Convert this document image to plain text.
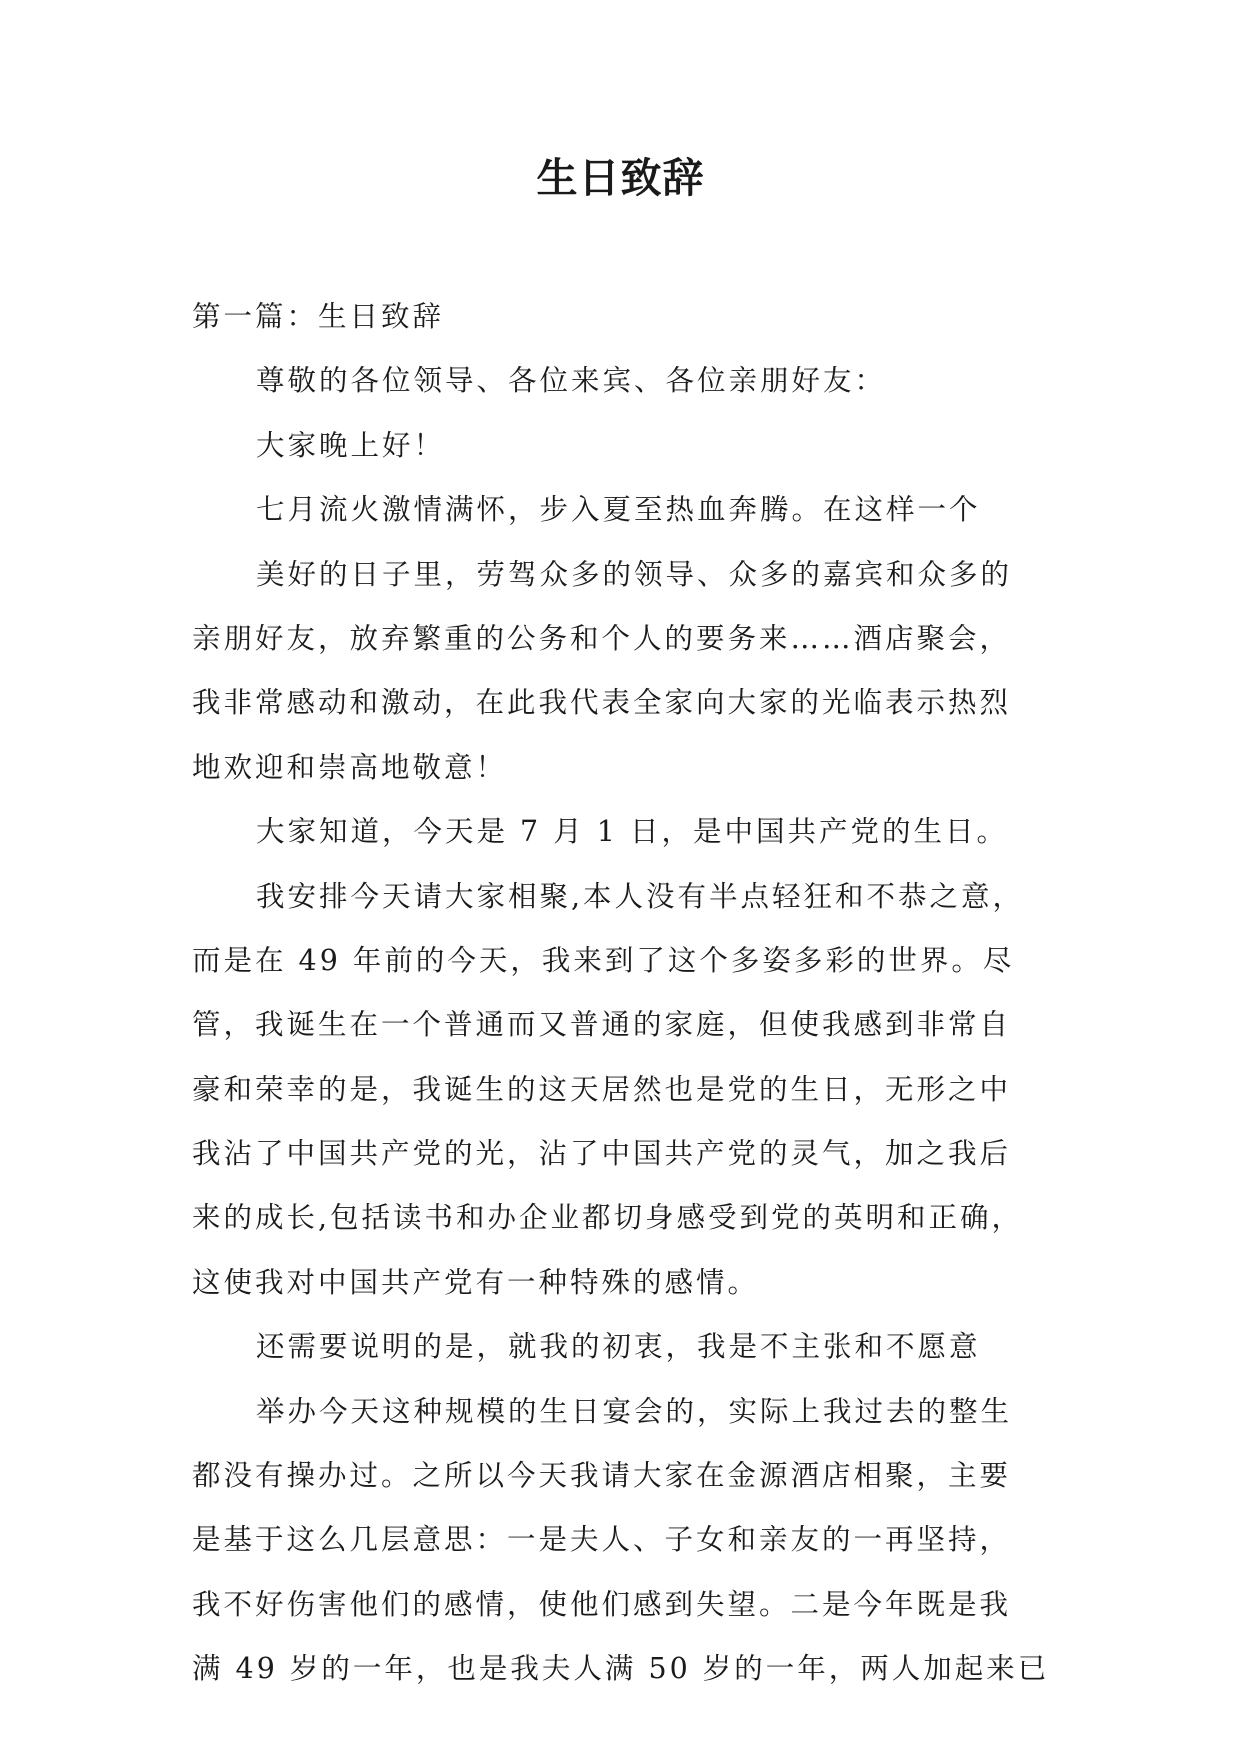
生日致辞
第一篇：生日致辞
尊敬的各位领导、各位来宾、各位亲朋好友：
大家晚上好！
七月流火激情满怀，步入夏至热血奔腾。在这样一个
美好的日子里，劳驾众多的领导、众多的嘉宾和众多的
亲朋好友，放弃繁重的公务和个人的要务来……酒店聚会，
我非常感动和激动，在此我代表全家向大家的光临表示热烈
地欢迎和崇高地敬意！
大家知道，今天是 7 月 1 日，是中国共产党的生日。
我安排今天请大家相聚,本人没有半点轻狂和不恭之意，
而是在 49 年前的今天，我来到了这个多姿多彩的世界。尽
管，我诞生在一个普通而又普通的家庭，但使我感到非常自
豪和荣幸的是，我诞生的这天居然也是党的生日，无形之中
我沾了中国共产党的光，沾了中国共产党的灵气，加之我后
来的成长,包括读书和办企业都切身感受到党的英明和正确，
这使我对中国共产党有一种特殊的感情。
还需要说明的是，就我的初衷，我是不主张和不愿意
举办今天这种规模的生日宴会的，实际上我过去的整生
都没有操办过。之所以今天我请大家在金源酒店相聚，主要
是基于这么几层意思：一是夫人、子女和亲友的一再坚持，
我不好伤害他们的感情，使他们感到失望。二是今年既是我
满 49 岁的一年，也是我夫人满 50 岁的一年，两人加起来已
